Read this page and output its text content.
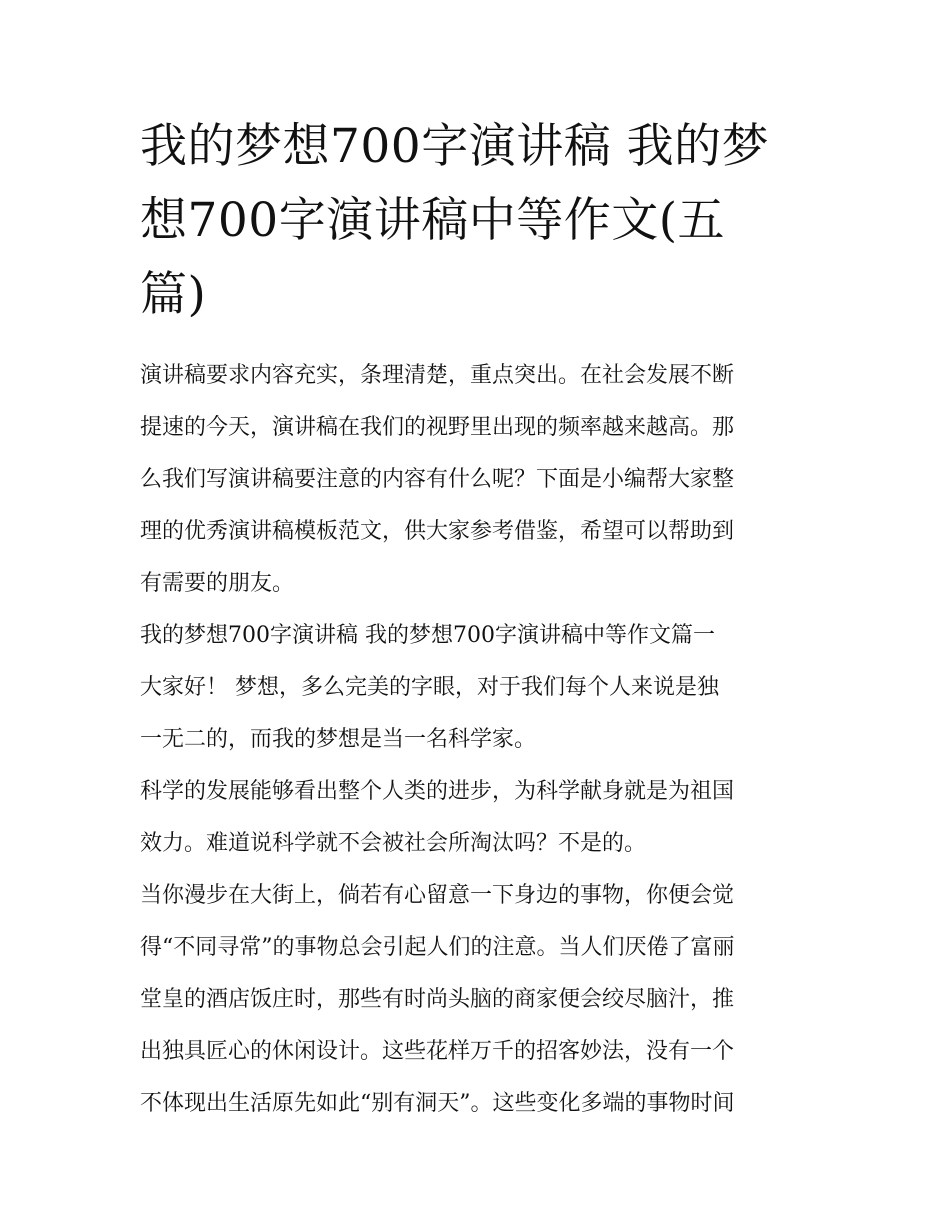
我的梦想700字演讲稿 我的梦
想700字演讲稿中等作文(五
篇)

演讲稿要求内容充实，条理清楚，重点突出。在社会发展不断
提速的今天，演讲稿在我们的视野里出现的频率越来越高。那
么我们写演讲稿要注意的内容有什么呢？下面是小编帮大家整
理的优秀演讲稿模板范文，供大家参考借鉴，希望可以帮助到
有需要的朋友。

我的梦想700字演讲稿 我的梦想700字演讲稿中等作文篇一

大家好！ 梦想，多么完美的字眼，对于我们每个人来说是独
一无二的，而我的梦想是当一名科学家。

科学的发展能够看出整个人类的进步，为科学献身就是为祖国
效力。难道说科学就不会被社会所淘汰吗？不是的。

当你漫步在大街上，倘若有心留意一下身边的事物，你便会觉
得“不同寻常”的事物总会引起人们的注意。当人们厌倦了富丽
堂皇的酒店饭庄时，那些有时尚头脑的商家便会绞尽脑汁，推
出独具匠心的休闲设计。这些花样万千的招客妙法，没有一个
不体现出生活原先如此“别有洞天”。这些变化多端的事物时间
